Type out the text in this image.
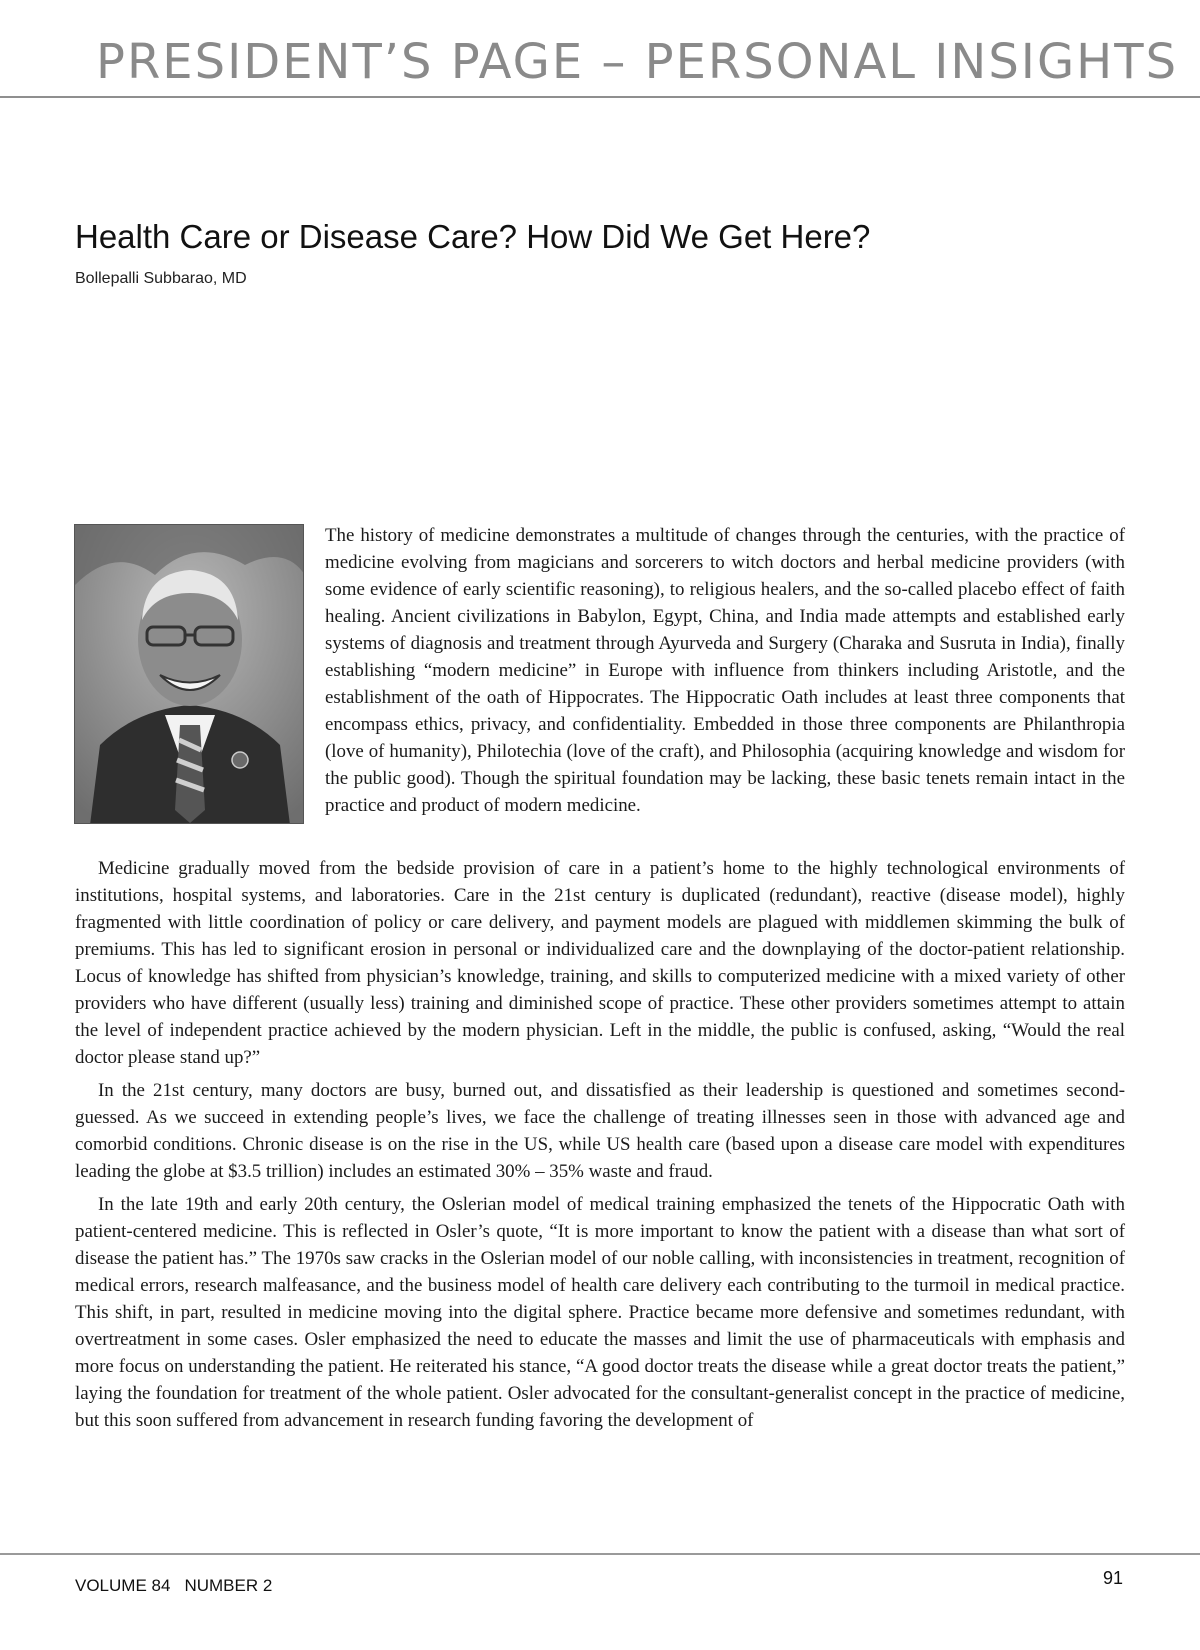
PRESIDENT’S PAGE – PERSONAL INSIGHTS
Health Care or Disease Care? How Did We Get Here?
Bollepalli Subbarao, MD

The history of medicine demonstrates a multitude of changes through the centuries, with the practice of medicine evolving from magicians and sorcerers to witch doctors and herbal medicine providers (with some evidence of early scientific reasoning), to religious healers, and the so-called placebo effect of faith healing. Ancient civilizations in Babylon, Egypt, China, and India made attempts and established early systems of diagnosis and treatment through Ayurveda and Surgery (Charaka and Susruta in India), finally establishing “modern medicine” in Europe with influence from thinkers including Aristotle, and the establishment of the oath of Hippocrates. The Hippocratic Oath includes at least three components that encompass ethics, privacy, and confidentiality. Embedded in those three components are Philanthropia (love of humanity), Philotechia (love of the craft), and Philosophia (acquiring knowledge and wisdom for the public good). Though the spiritual foundation may be lacking, these basic tenets remain intact in the practice and product of modern medicine.

Medicine gradually moved from the bedside provision of care in a patient’s home to the highly technological environments of institutions, hospital systems, and laboratories. Care in the 21st century is duplicated (redundant), reactive (disease model), highly fragmented with little coordination of policy or care delivery, and payment models are plagued with middlemen skimming the bulk of premiums. This has led to significant erosion in personal or individualized care and the downplaying of the doctor-patient relationship. Locus of knowledge has shifted from physician’s knowledge, training, and skills to computerized medicine with a mixed variety of other providers who have different (usually less) training and diminished scope of practice. These other providers sometimes attempt to attain the level of independent practice achieved by the modern physician. Left in the middle, the public is confused, asking, “Would the real doctor please stand up?”

In the 21st century, many doctors are busy, burned out, and dissatisfied as their leadership is questioned and sometimes second-guessed. As we succeed in extending people’s lives, we face the challenge of treating illnesses seen in those with advanced age and comorbid conditions. Chronic disease is on the rise in the US, while US health care (based upon a disease care model with expenditures leading the globe at $3.5 trillion) includes an estimated 30% – 35% waste and fraud.

In the late 19th and early 20th century, the Oslerian model of medical training emphasized the tenets of the Hippocratic Oath with patient-centered medicine. This is reflected in Osler’s quote, “It is more important to know the patient with a disease than what sort of disease the patient has.” The 1970s saw cracks in the Oslerian model of our noble calling, with inconsistencies in treatment, recognition of medical errors, research malfeasance, and the business model of health care delivery each contributing to the turmoil in medical practice. This shift, in part, resulted in medicine moving into the digital sphere. Practice became more defensive and sometimes redundant, with overtreatment in some cases. Osler emphasized the need to educate the masses and limit the use of pharmaceuticals with emphasis and more focus on understanding the patient. He reiterated his stance, “A good doctor treats the disease while a great doctor treats the patient,” laying the foundation for treatment of the whole patient. Osler advocated for the consultant-generalist concept in the practice of medicine, but this soon suffered from advancement in research funding favoring the development of

VOLUME 84 NUMBER 2	91
